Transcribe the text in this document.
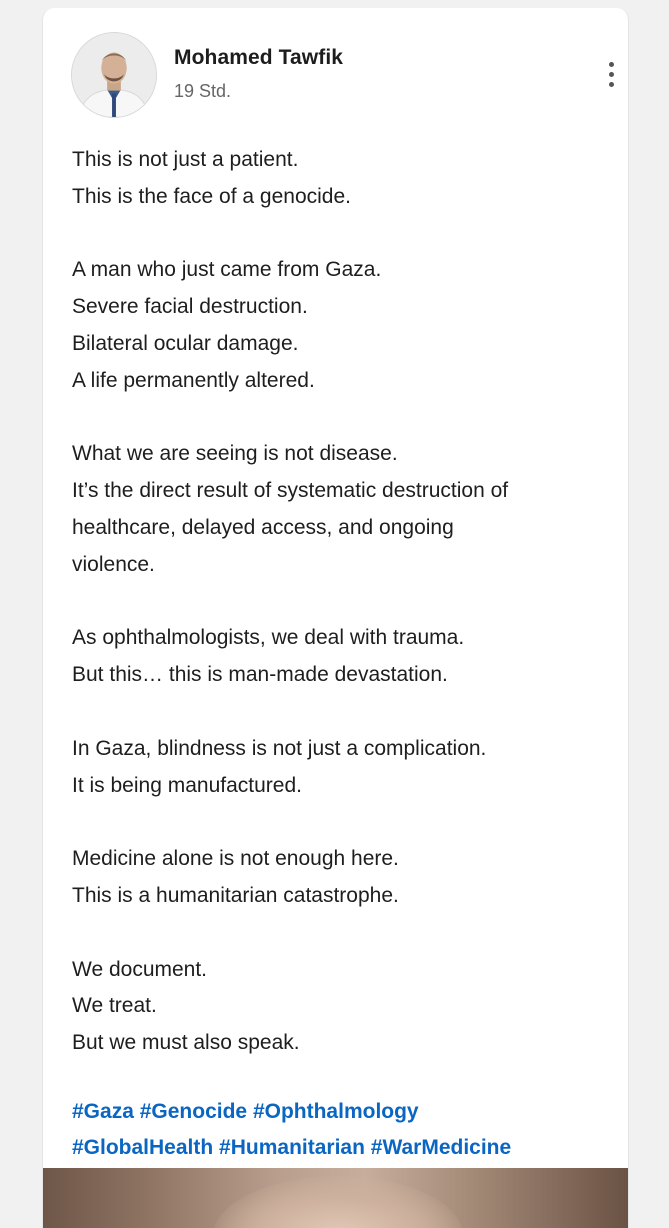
Mohamed Tawfik
19 Std.

This is not just a patient.
This is the face of a genocide.

A man who just came from Gaza.
Severe facial destruction.
Bilateral ocular damage.
A life permanently altered.

What we are seeing is not disease.
It’s the direct result of systematic destruction of
healthcare, delayed access, and ongoing
violence.

As ophthalmologists, we deal with trauma.
But this… this is man-made devastation.

In Gaza, blindness is not just a complication.
It is being manufactured.

Medicine alone is not enough here.
This is a humanitarian catastrophe.

We document.
We treat.
But we must also speak.

#Gaza #Genocide #Ophthalmology
#GlobalHealth #Humanitarian #WarMedicine
